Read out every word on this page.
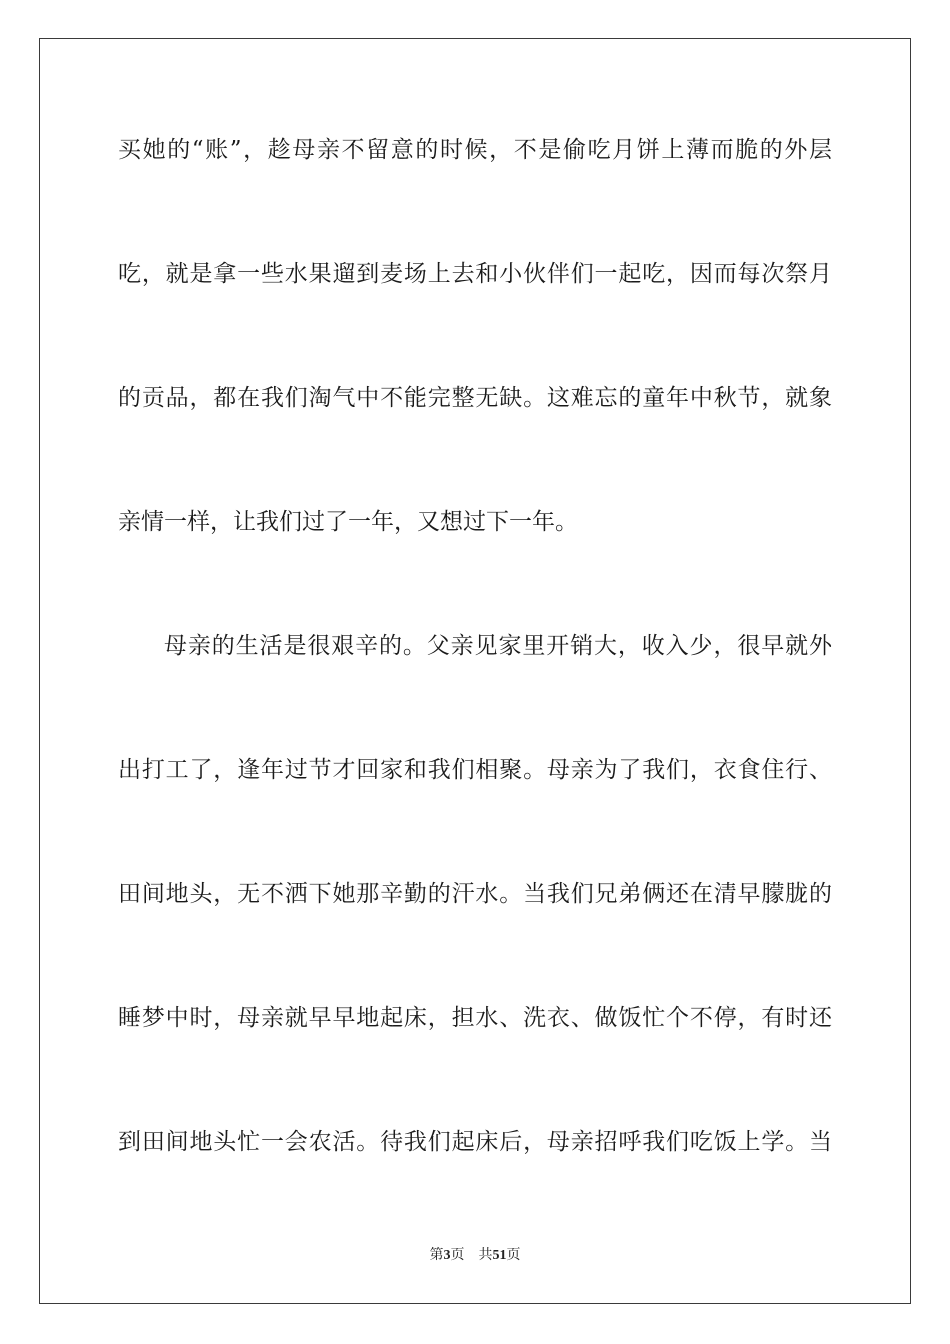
买她的“账”，趁母亲不留意的时候，不是偷吃月饼上薄而脆的外层
吃，就是拿一些水果遛到麦场上去和小伙伴们一起吃，因而每次祭月
的贡品，都在我们淘气中不能完整无缺。这难忘的童年中秋节，就象
亲情一样，让我们过了一年，又想过下一年。
母亲的生活是很艰辛的。父亲见家里开销大，收入少，很早就外
出打工了，逢年过节才回家和我们相聚。母亲为了我们，衣食住行、
田间地头，无不洒下她那辛勤的汗水。当我们兄弟俩还在清早朦胧的
睡梦中时，母亲就早早地起床，担水、洗衣、做饭忙个不停，有时还
到田间地头忙一会农活。待我们起床后，母亲招呼我们吃饭上学。当
第3页 共51页
